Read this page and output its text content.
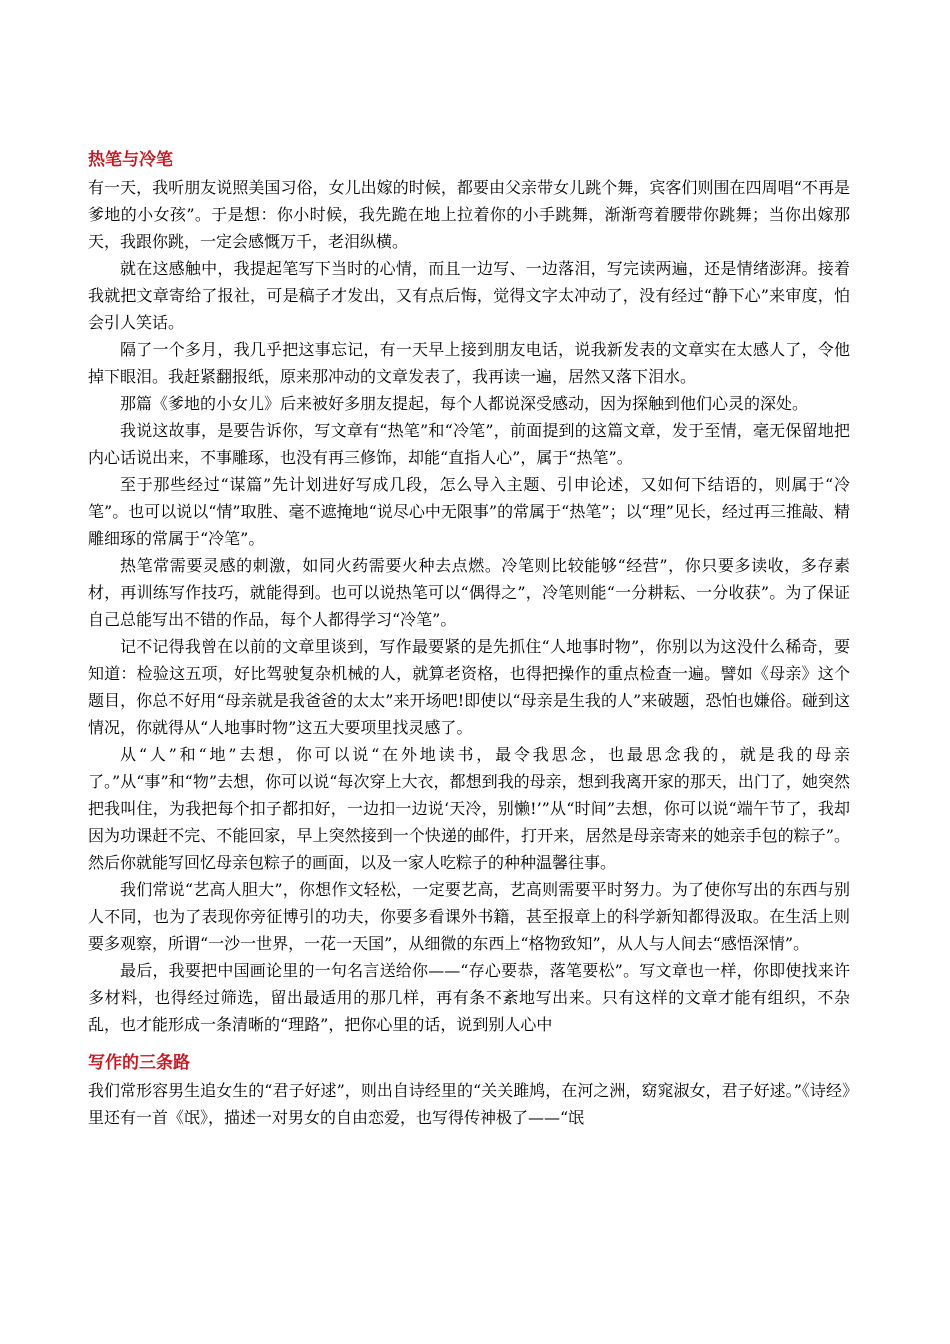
热笔与冷笔

有一天，我听朋友说照美国习俗，女儿出嫁的时候，都要由父亲带女儿跳个舞，宾客们则围在四周唱“不再是爹地的小女孩”。于是想：你小时候，我先跪在地上拉着你的小手跳舞，渐渐弯着腰带你跳舞；当你出嫁那天，我跟你跳，一定会感慨万千，老泪纵横。

就在这感触中，我提起笔写下当时的心情，而且一边写、一边落泪，写完读两遍，还是情绪澎湃。接着我就把文章寄给了报社，可是稿子才发出，又有点后悔，觉得文字太冲动了，没有经过“静下心”来审度，怕会引人笑话。

隔了一个多月，我几乎把这事忘记，有一天早上接到朋友电话，说我新发表的文章实在太感人了，令他掉下眼泪。我赶紧翻报纸，原来那冲动的文章发表了，我再读一遍，居然又落下泪水。

那篇《爹地的小女儿》后来被好多朋友提起，每个人都说深受感动，因为探触到他们心灵的深处。

我说这故事，是要告诉你，写文章有“热笔”和“冷笔”，前面提到的这篇文章，发于至情，毫无保留地把内心话说出来，不事雕琢，也没有再三修饰，却能“直指人心”，属于“热笔”。

至于那些经过“谋篇”先计划进好写成几段，怎么导入主题、引申论述，又如何下结语的，则属于“冷笔”。也可以说以“情”取胜、毫不遮掩地“说尽心中无限事”的常属于“热笔”；以“理”见长，经过再三推敲、精雕细琢的常属于“冷笔”。

热笔常需要灵感的刺激，如同火药需要火种去点燃。冷笔则比较能够“经营”，你只要多读收，多存素材，再训练写作技巧，就能得到。也可以说热笔可以“偶得之”，冷笔则能“一分耕耘、一分收获”。为了保证自己总能写出不错的作品，每个人都得学习“冷笔”。

记不记得我曾在以前的文章里谈到，写作最要紧的是先抓住“人地事时物”，你别以为这没什么稀奇，要知道：检验这五项，好比驾驶复杂机械的人，就算老资格，也得把操作的重点检查一遍。譬如《母亲》这个题目，你总不好用“母亲就是我爸爸的太太”来开场吧!即使以“母亲是生我的人”来破题，恐怕也嫌俗。碰到这情况，你就得从“人地事时物”这五大要项里找灵感了。

从“人”和“地”去想，你可以说“在外地读书，最令我思念，也最思念我的，就是我的母亲了。”从“事”和“物”去想，你可以说“每次穿上大衣，都想到我的母亲，想到我离开家的那天，出门了，她突然把我叫住，为我把每个扣子都扣好，一边扣一边说‘天冷，别懒!’”从“时间”去想，你可以说“端午节了，我却因为功课赶不完、不能回家，早上突然接到一个快递的邮件，打开来，居然是母亲寄来的她亲手包的粽子”。然后你就能写回忆母亲包粽子的画面，以及一家人吃粽子的种种温馨往事。

我们常说“艺高人胆大”，你想作文轻松，一定要艺高，艺高则需要平时努力。为了使你写出的东西与别人不同，也为了表现你旁征博引的功夫，你要多看课外书籍，甚至报章上的科学新知都得汲取。在生活上则要多观察，所谓“一沙一世界，一花一天国”，从细微的东西上“格物致知”，从人与人间去“感悟深情”。

最后，我要把中国画论里的一句名言送给你——“存心要恭，落笔要松”。写文章也一样，你即使找来许多材料，也得经过筛选，留出最适用的那几样，再有条不紊地写出来。只有这样的文章才能有组织，不杂乱，也才能形成一条清晰的“理路”，把你心里的话，说到别人心中

写作的三条路

我们常形容男生追女生的“君子好逑”，则出自诗经里的“关关雎鸠，在河之洲，窈窕淑女，君子好逑。”《诗经》里还有一首《氓》，描述一对男女的自由恋爱，也写得传神极了——“氓
